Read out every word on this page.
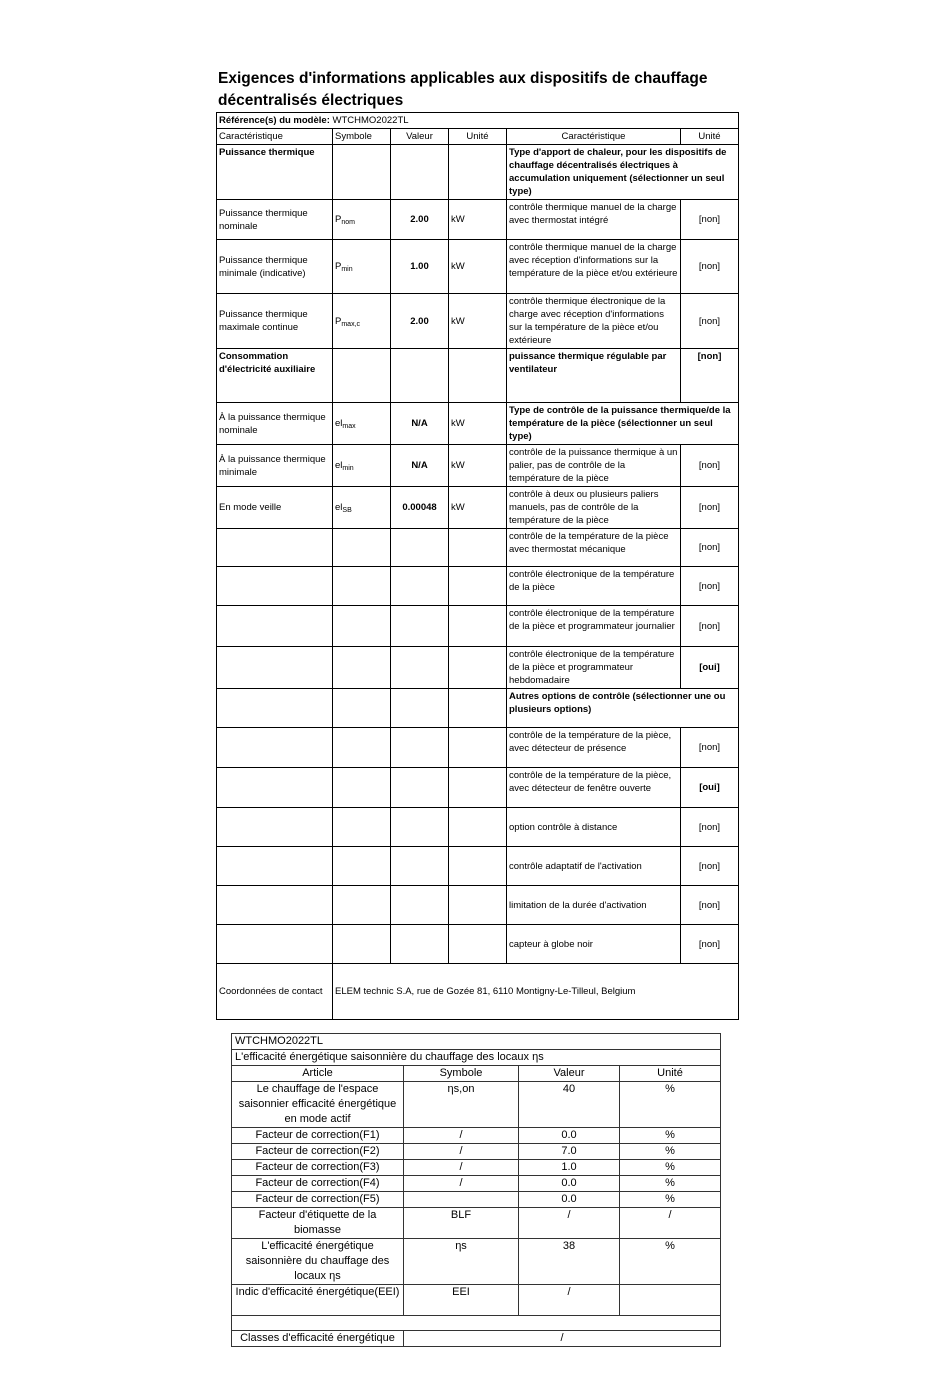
Exigences d'informations applicables aux dispositifs de chauffage décentralisés électriques
Référence(s) du modèle: WTCHMO2022TL					
Caractéristique	Symbole	Valeur	Unité	Caractéristique	Unité
Puissance thermique				Type d'apport de chaleur, pour les dispositifs de chauffage décentralisés électriques à accumulation uniquement (sélectionner un seul type)	
Puissance thermique nominale	$P_{nom}$	2.00	kW	contrôle thermique manuel de la charge avec thermostat intégré	[non]
Puissance thermique minimale (indicative)	$P_{min}$	1.00	kW	contrôle thermique manuel de la charge avec réception d'informations sur la température de la pièce et/ou extérieure	[non]
Puissance thermique maximale continue	$P_{max,c}$	2.00	kW	contrôle thermique électronique de la charge avec réception d'informations sur la température de la pièce et/ou extérieure	[non]
Consommation d'électricité auxiliaire				puissance thermique régulable par ventilateur	[non]
À la puissance thermique nominale	$el_{max}$	N/A	kW	Type de contrôle de la puissance thermique/de la température de la pièce (sélectionner un seul type)	
À la puissance thermique minimale	$el_{min}$	N/A	kW	contrôle de la puissance thermique à un palier, pas de contrôle de la température de la pièce	[non]
En mode veille	$el_{SB}$	0.00048	kW	contrôle à deux ou plusieurs paliers manuels, pas de contrôle de la température de la pièce	[non]
				contrôle de la température de la pièce avec thermostat mécanique	[non]
				contrôle électronique de la température de la pièce	[non]
				contrôle électronique de la température de la pièce et programmateur journalier	[non]
				contrôle électronique de la température de la pièce et programmateur hebdomadaire	[oui]
				Autres options de contrôle (sélectionner une ou plusieurs options)	
				contrôle de la température de la pièce, avec détecteur de présence	[non]
				contrôle de la température de la pièce, avec détecteur de fenêtre ouverte	[oui]
				option contrôle à distance	[non]
				contrôle adaptatif de l'activation	[non]
				limitation de la durée d'activation	[non]
				capteur à globe noir	[non]
Coordonnées de contact	ELEM technic S.A, rue de Gozée 81, 6110 Montigny-Le-Tilleul, Belgium				
WTCHMO2022TL			
L'efficacité énergétique saisonnière du chauffage des locaux ηs			
Article	Symbole	Valeur	Unité
Le chauffage de l'espace saisonnier efficacité énergétique en mode actif	ηs,on	40	%
Facteur de correction(F1)	/	0.0	%
Facteur de correction(F2)	/	7.0	%
Facteur de correction(F3)	/	1.0	%
Facteur de correction(F4)	/	0.0	%
Facteur de correction(F5)		0.0	%
Facteur d'étiquette de la biomasse	BLF	/	/
L'efficacité énergétique saisonnière du chauffage des locaux ηs	ηs	38	%
Indic d'efficacité énergétique(EEI)	EEI	/	

Classes d'efficacité énergétique	/		
